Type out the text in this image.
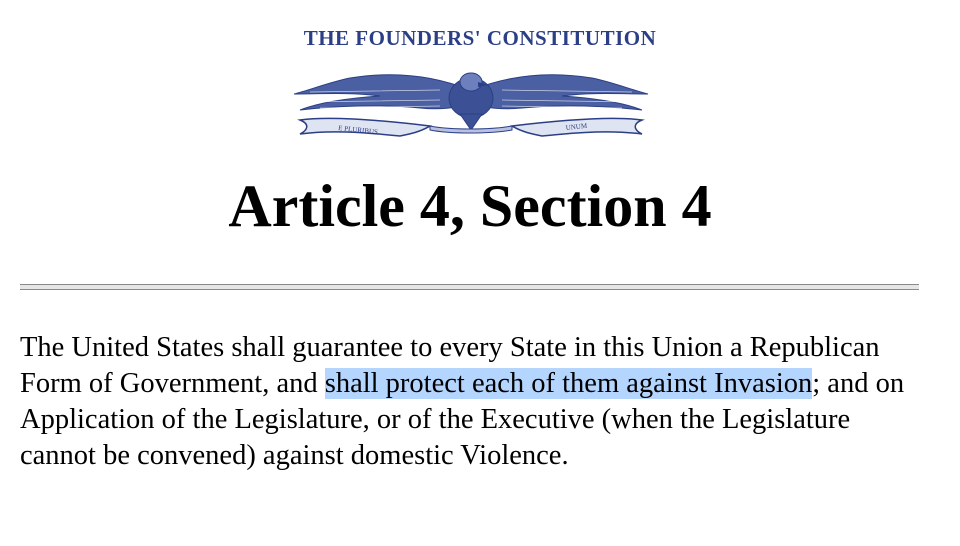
THE FOUNDERS' CONSTITUTION
E PLURIBUS	UNUM
Article 4, Section 4

The United States shall guarantee to every State in this Union a Republican Form of Government, and shall protect each of them against Invasion; and on Application of the Legislature, or of the Executive (when the Legislature cannot be convened) against domestic Violence.
